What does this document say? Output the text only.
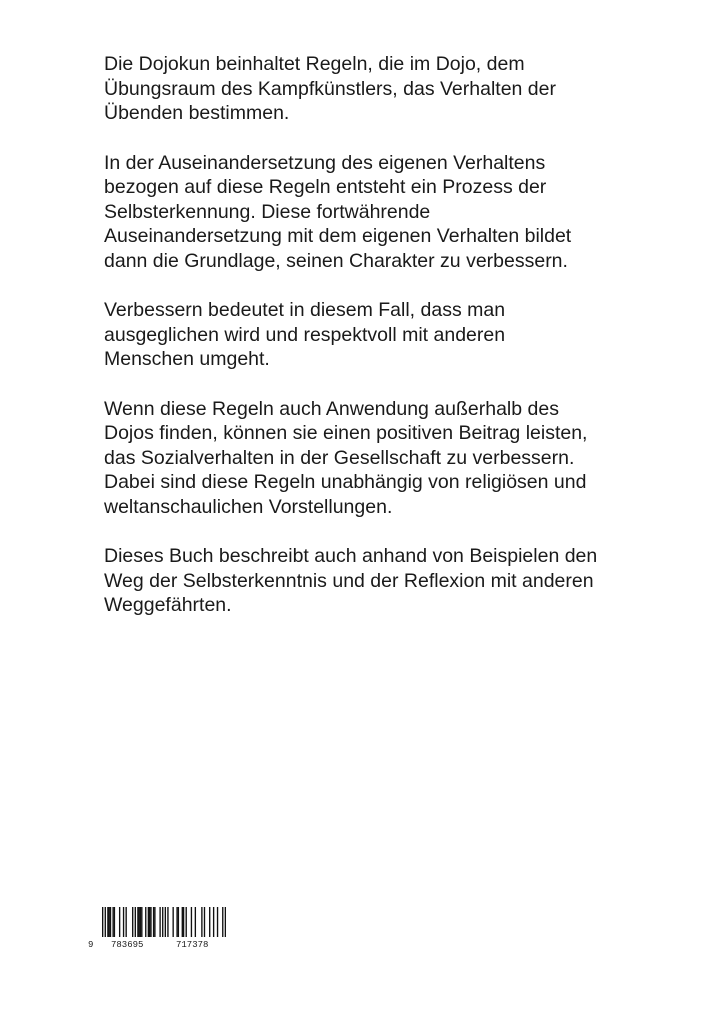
Die Dojokun beinhaltet Regeln, die im Dojo, dem
Übungsraum des Kampfkünstlers, das Verhalten der
Übenden bestimmen.

In der Auseinandersetzung des eigenen Verhaltens
bezogen auf diese Regeln entsteht ein Prozess der
Selbsterkennung. Diese fortwährende
Auseinandersetzung mit dem eigenen Verhalten bildet
dann die Grundlage, seinen Charakter zu verbessern.

Verbessern bedeutet in diesem Fall, dass man
ausgeglichen wird und respektvoll mit anderen
Menschen umgeht.

Wenn diese Regeln auch Anwendung außerhalb des
Dojos finden, können sie einen positiven Beitrag leisten,
das Sozialverhalten in der Gesellschaft zu verbessern.
Dabei sind diese Regeln unabhängig von religiösen und
weltanschaulichen Vorstellungen.

Dieses Buch beschreibt auch anhand von Beispielen den
Weg der Selbsterkenntnis und der Reflexion mit anderen
Weggefährten.

9

783695

	717378
